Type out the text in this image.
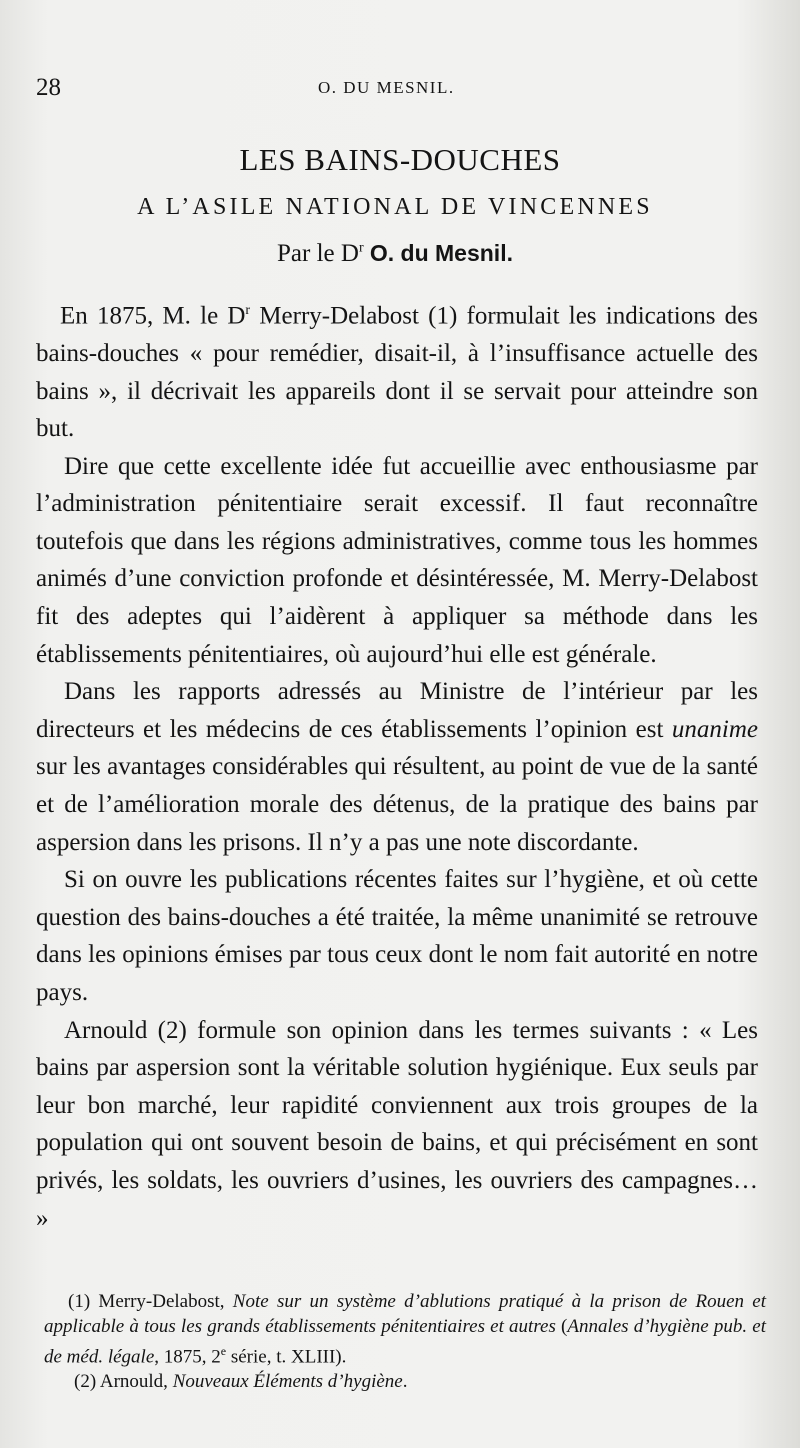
28	O. DU MESNIL.
LES BAINS-DOUCHES
A L’ASILE NATIONAL DE VINCENNES
Par le $D^r$ O. du Mesnil.

En 1875, M. le $D^r$ Merry-Delabost (1) formulait les indications des bains-douches « pour remédier, disait-il, à l’insuffisance actuelle des bains », il décrivait les appareils dont il se servait pour atteindre son but.

Dire que cette excellente idée fut accueillie avec enthousiasme par l’administration pénitentiaire serait excessif. Il faut reconnaître toutefois que dans les régions administratives, comme tous les hommes animés d’une conviction profonde et désintéressée, M. Merry-Delabost fit des adeptes qui l’aidèrent à appliquer sa méthode dans les établissements pénitentiaires, où aujourd’hui elle est générale.

Dans les rapports adressés au Ministre de l’intérieur par les directeurs et les médecins de ces établissements l’opinion est unanime sur les avantages considérables qui résultent, au point de vue de la santé et de l’amélioration morale des détenus, de la pratique des bains par aspersion dans les prisons. Il n’y a pas une note discordante.

Si on ouvre les publications récentes faites sur l’hygiène, et où cette question des bains-douches a été traitée, la même unanimité se retrouve dans les opinions émises par tous ceux dont le nom fait autorité en notre pays.

Arnould (2) formule son opinion dans les termes suivants : « Les bains par aspersion sont la véritable solution hygiénique. Eux seuls par leur bon marché, leur rapidité conviennent aux trois groupes de la population qui ont souvent besoin de bains, et qui précisément en sont privés, les soldats, les ouvriers d’usines, les ouvriers des campagnes… »

(1) Merry-Delabost, Note sur un système d’ablutions pratiqué à la prison de Rouen et applicable à tous les grands établissements pénitentiaires et autres (Annales d’hygiène pub. et de méd. légale, 1875, 2e série, t. XLIII).

(2) Arnould, Nouveaux Éléments d’hygiène.
